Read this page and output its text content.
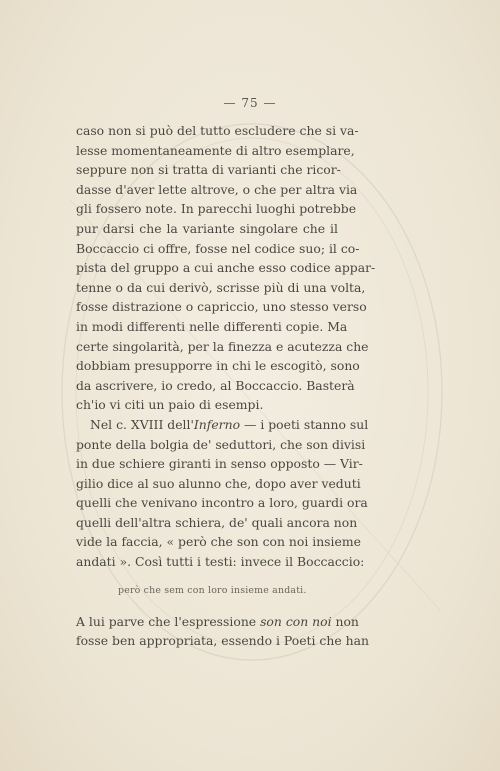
— 75 —
caso non si può del tutto escludere che si va-
lesse momentaneamente di altro esemplare,
seppure non si tratta di varianti che ricor-
dasse d'aver lette altrove, o che per altra via
gli fossero note. In parecchi luoghi potrebbe
pur darsi che la variante singolare che il
Boccaccio ci offre, fosse nel codice suo; il co-
pista del gruppo a cui anche esso codice appar-
tenne o da cui derivò, scrisse più di una volta,
fosse distrazione o capriccio, uno stesso verso
in modi differenti nelle differenti copie. Ma
certe singolarità, per la finezza e acutezza che
dobbiam presupporre in chi le escogitò, sono
da ascrivere, io credo, al Boccaccio. Basterà
ch'io vi citi un paio di esempi.
Nel c. XVIII dell'Inferno — i poeti stanno sul
ponte della bolgia de' seduttori, che son divisi
in due schiere giranti in senso opposto — Vir-
gilio dice al suo alunno che, dopo aver veduti
quelli che venivano incontro a loro, guardi ora
quelli dell'altra schiera, de' quali ancora non
vide la faccia, « però che son con noi insieme
andati ». Così tutti i testi: invece il Boccaccio:
però che sem con loro insieme andati.
A lui parve che l'espressione son con noi non
fosse ben appropriata, essendo i Poeti che han
